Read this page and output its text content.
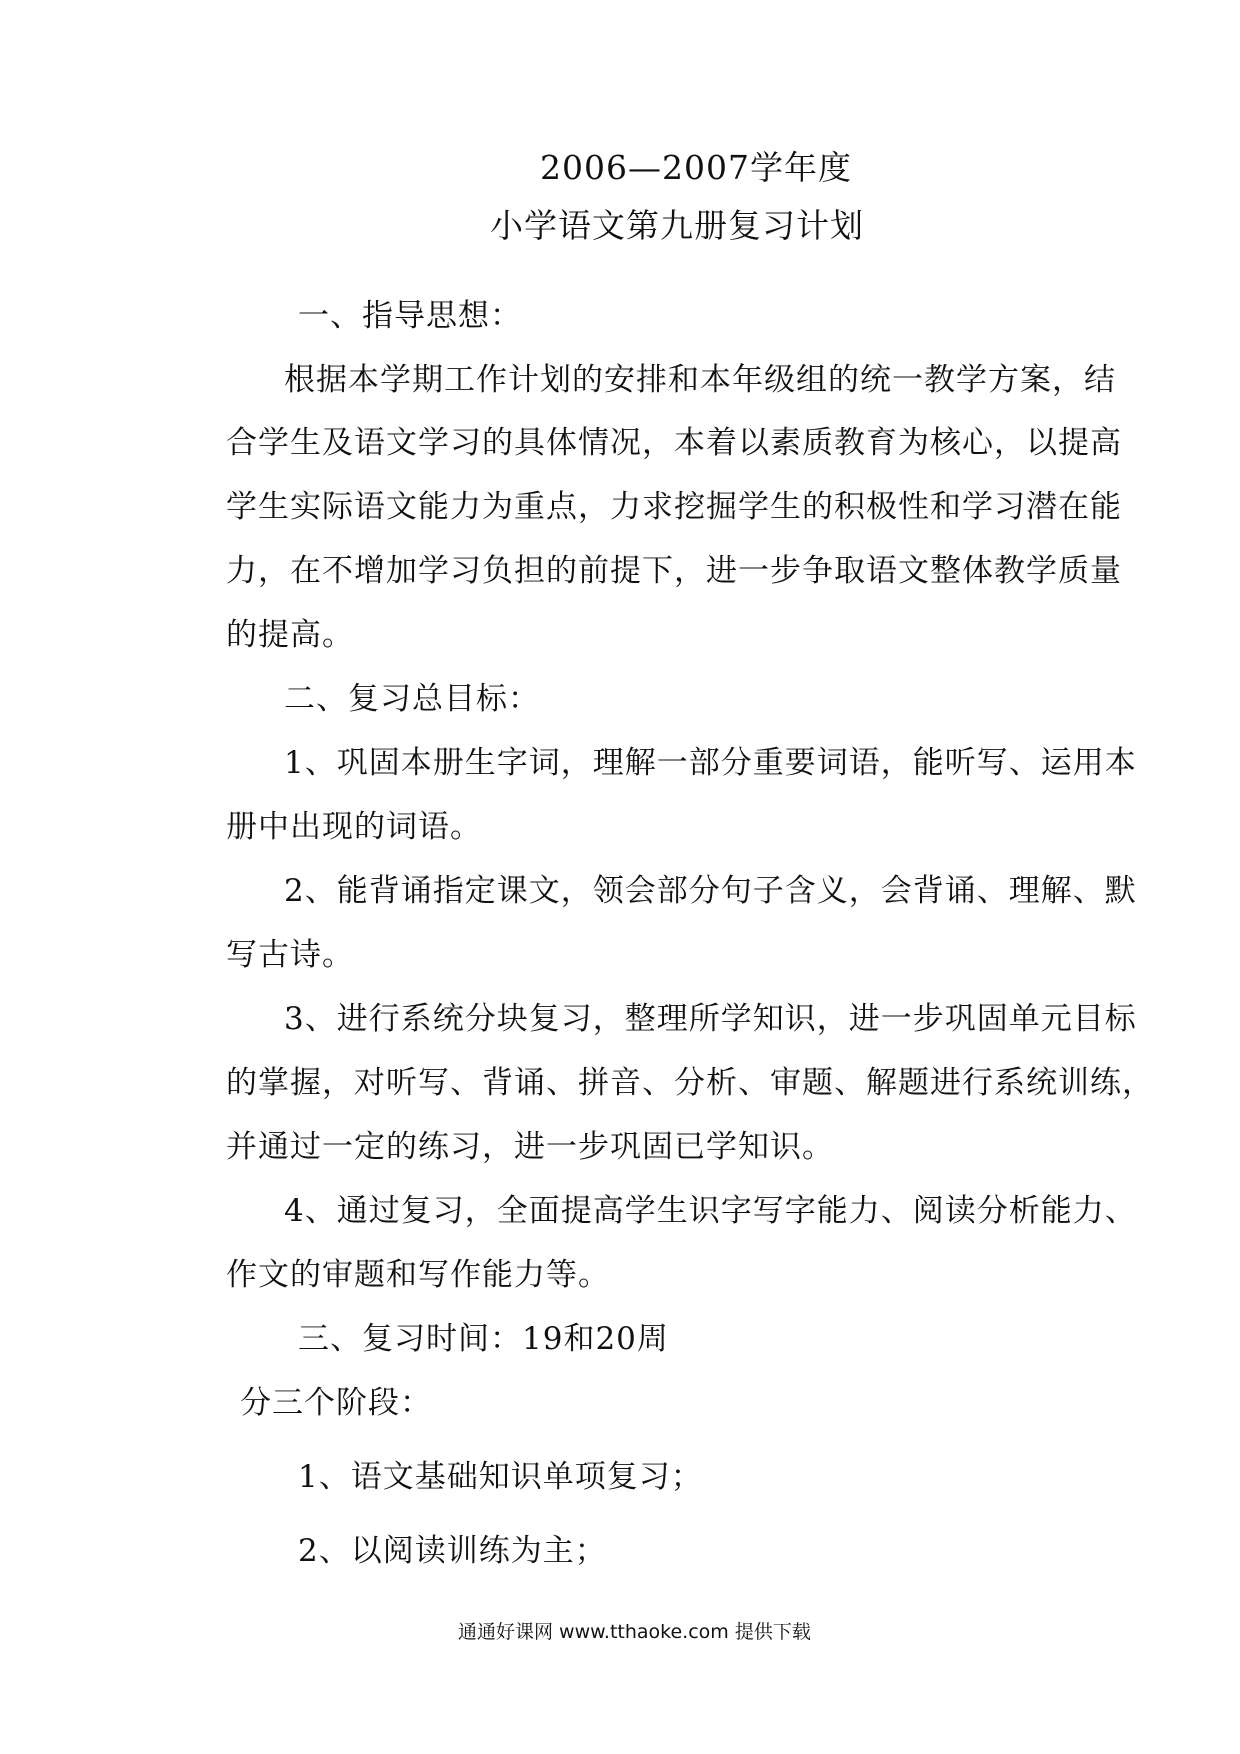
2006—2007学年度
小学语文第九册复习计划
一、指导思想：
根据本学期工作计划的安排和本年级组的统一教学方案，结
合学生及语文学习的具体情况，本着以素质教育为核心，以提高
学生实际语文能力为重点，力求挖掘学生的积极性和学习潜在能
力，在不增加学习负担的前提下，进一步争取语文整体教学质量
的提高。
二、复习总目标：
1、巩固本册生字词，理解一部分重要词语，能听写、运用本
册中出现的词语。
2、能背诵指定课文，领会部分句子含义，会背诵、理解、默
写古诗。
3、进行系统分块复习，整理所学知识，进一步巩固单元目标
的掌握，对听写、背诵、拼音、分析、审题、解题进行系统训练，
并通过一定的练习，进一步巩固已学知识。
4、通过复习，全面提高学生识字写字能力、阅读分析能力、
作文的审题和写作能力等。
三、复习时间：19和20周
分三个阶段：
1、语文基础知识单项复习；
2、以阅读训练为主；
通通好课网 www.tthaoke.com 提供下载
